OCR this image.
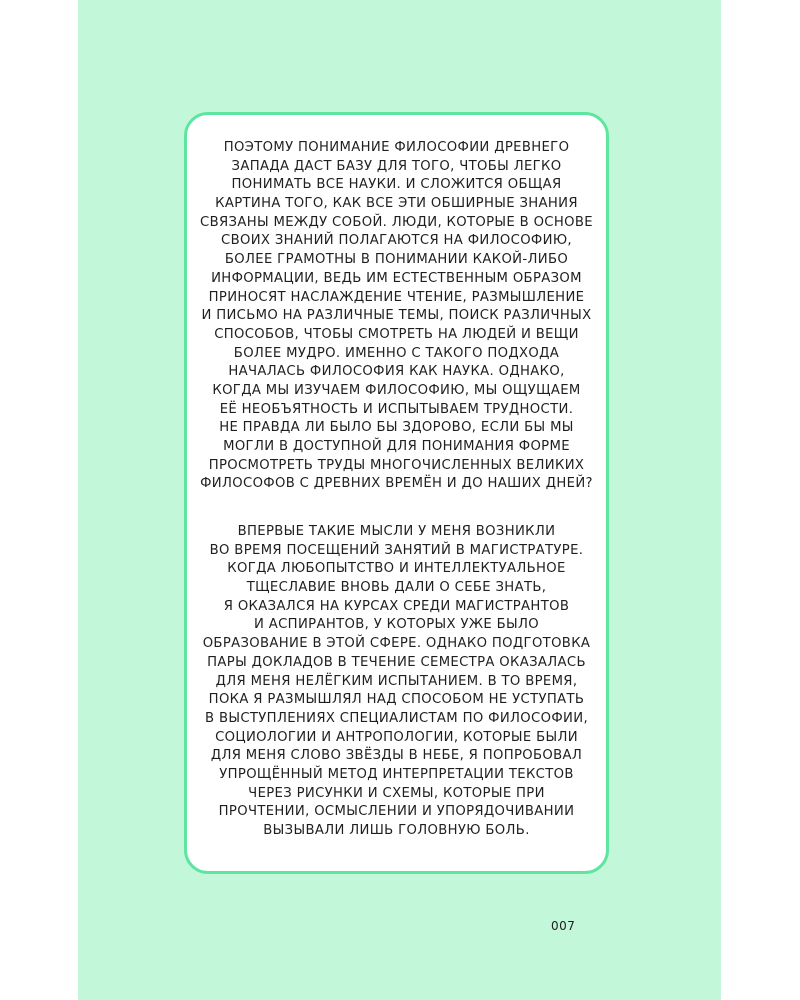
ПОЭТОМУ ПОНИМАНИЕ ФИЛОСОФИИ ДРЕВНЕГО
ЗАПАДА ДАСТ БАЗУ ДЛЯ ТОГО, ЧТОБЫ ЛЕГКО
ПОНИМАТЬ ВСЕ НАУКИ. И СЛОЖИТСЯ ОБЩАЯ
КАРТИНА ТОГО, КАК ВСЕ ЭТИ ОБШИРНЫЕ ЗНАНИЯ
СВЯЗАНЫ МЕЖДУ СОБОЙ. ЛЮДИ, КОТОРЫЕ В ОСНОВЕ
СВОИХ ЗНАНИЙ ПОЛАГАЮТСЯ НА ФИЛОСОФИЮ,
БОЛЕЕ ГРАМОТНЫ В ПОНИМАНИИ КАКОЙ-ЛИБО
ИНФОРМАЦИИ, ВЕДЬ ИМ ЕСТЕСТВЕННЫМ ОБРАЗОМ
ПРИНОСЯТ НАСЛАЖДЕНИЕ ЧТЕНИЕ, РАЗМЫШЛЕНИЕ
И ПИСЬМО НА РАЗЛИЧНЫЕ ТЕМЫ, ПОИСК РАЗЛИЧНЫХ
СПОСОБОВ, ЧТОБЫ СМОТРЕТЬ НА ЛЮДЕЙ И ВЕЩИ
БОЛЕЕ МУДРО. ИМЕННО С ТАКОГО ПОДХОДА
НАЧАЛАСЬ ФИЛОСОФИЯ КАК НАУКА. ОДНАКО,
КОГДА МЫ ИЗУЧАЕМ ФИЛОСОФИЮ, МЫ ОЩУЩАЕМ
ЕЁ НЕОБЪЯТНОСТЬ И ИСПЫТЫВАЕМ ТРУДНОСТИ.
НЕ ПРАВДА ЛИ БЫЛО БЫ ЗДОРОВО, ЕСЛИ БЫ МЫ
МОГЛИ В ДОСТУПНОЙ ДЛЯ ПОНИМАНИЯ ФОРМЕ
ПРОСМОТРЕТЬ ТРУДЫ МНОГОЧИСЛЕННЫХ ВЕЛИКИХ
ФИЛОСОФОВ С ДРЕВНИХ ВРЕМЁН И ДО НАШИХ ДНЕЙ?
ВПЕРВЫЕ ТАКИЕ МЫСЛИ У МЕНЯ ВОЗНИКЛИ
ВО ВРЕМЯ ПОСЕЩЕНИЙ ЗАНЯТИЙ В МАГИСТРАТУРЕ.
КОГДА ЛЮБОПЫТСТВО И ИНТЕЛЛЕКТУАЛЬНОЕ
ТЩЕСЛАВИЕ ВНОВЬ ДАЛИ О СЕБЕ ЗНАТЬ,
Я ОКАЗАЛСЯ НА КУРСАХ СРЕДИ МАГИСТРАНТОВ
И АСПИРАНТОВ, У КОТОРЫХ УЖЕ БЫЛО
ОБРАЗОВАНИЕ В ЭТОЙ СФЕРЕ. ОДНАКО ПОДГОТОВКА
ПАРЫ ДОКЛАДОВ В ТЕЧЕНИЕ СЕМЕСТРА ОКАЗАЛАСЬ
ДЛЯ МЕНЯ НЕЛЁГКИМ ИСПЫТАНИЕМ. В ТО ВРЕМЯ,
ПОКА Я РАЗМЫШЛЯЛ НАД СПОСОБОМ НЕ УСТУПАТЬ
В ВЫСТУПЛЕНИЯХ СПЕЦИАЛИСТАМ ПО ФИЛОСОФИИ,
СОЦИОЛОГИИ И АНТРОПОЛОГИИ, КОТОРЫЕ БЫЛИ
ДЛЯ МЕНЯ СЛОВО ЗВЁЗДЫ В НЕБЕ, Я ПОПРОБОВАЛ
УПРОЩЁННЫЙ МЕТОД ИНТЕРПРЕТАЦИИ ТЕКСТОВ
ЧЕРЕЗ РИСУНКИ И СХЕМЫ, КОТОРЫЕ ПРИ
ПРОЧТЕНИИ, ОСМЫСЛЕНИИ И УПОРЯДОЧИВАНИИ
ВЫЗЫВАЛИ ЛИШЬ ГОЛОВНУЮ БОЛЬ.
007
